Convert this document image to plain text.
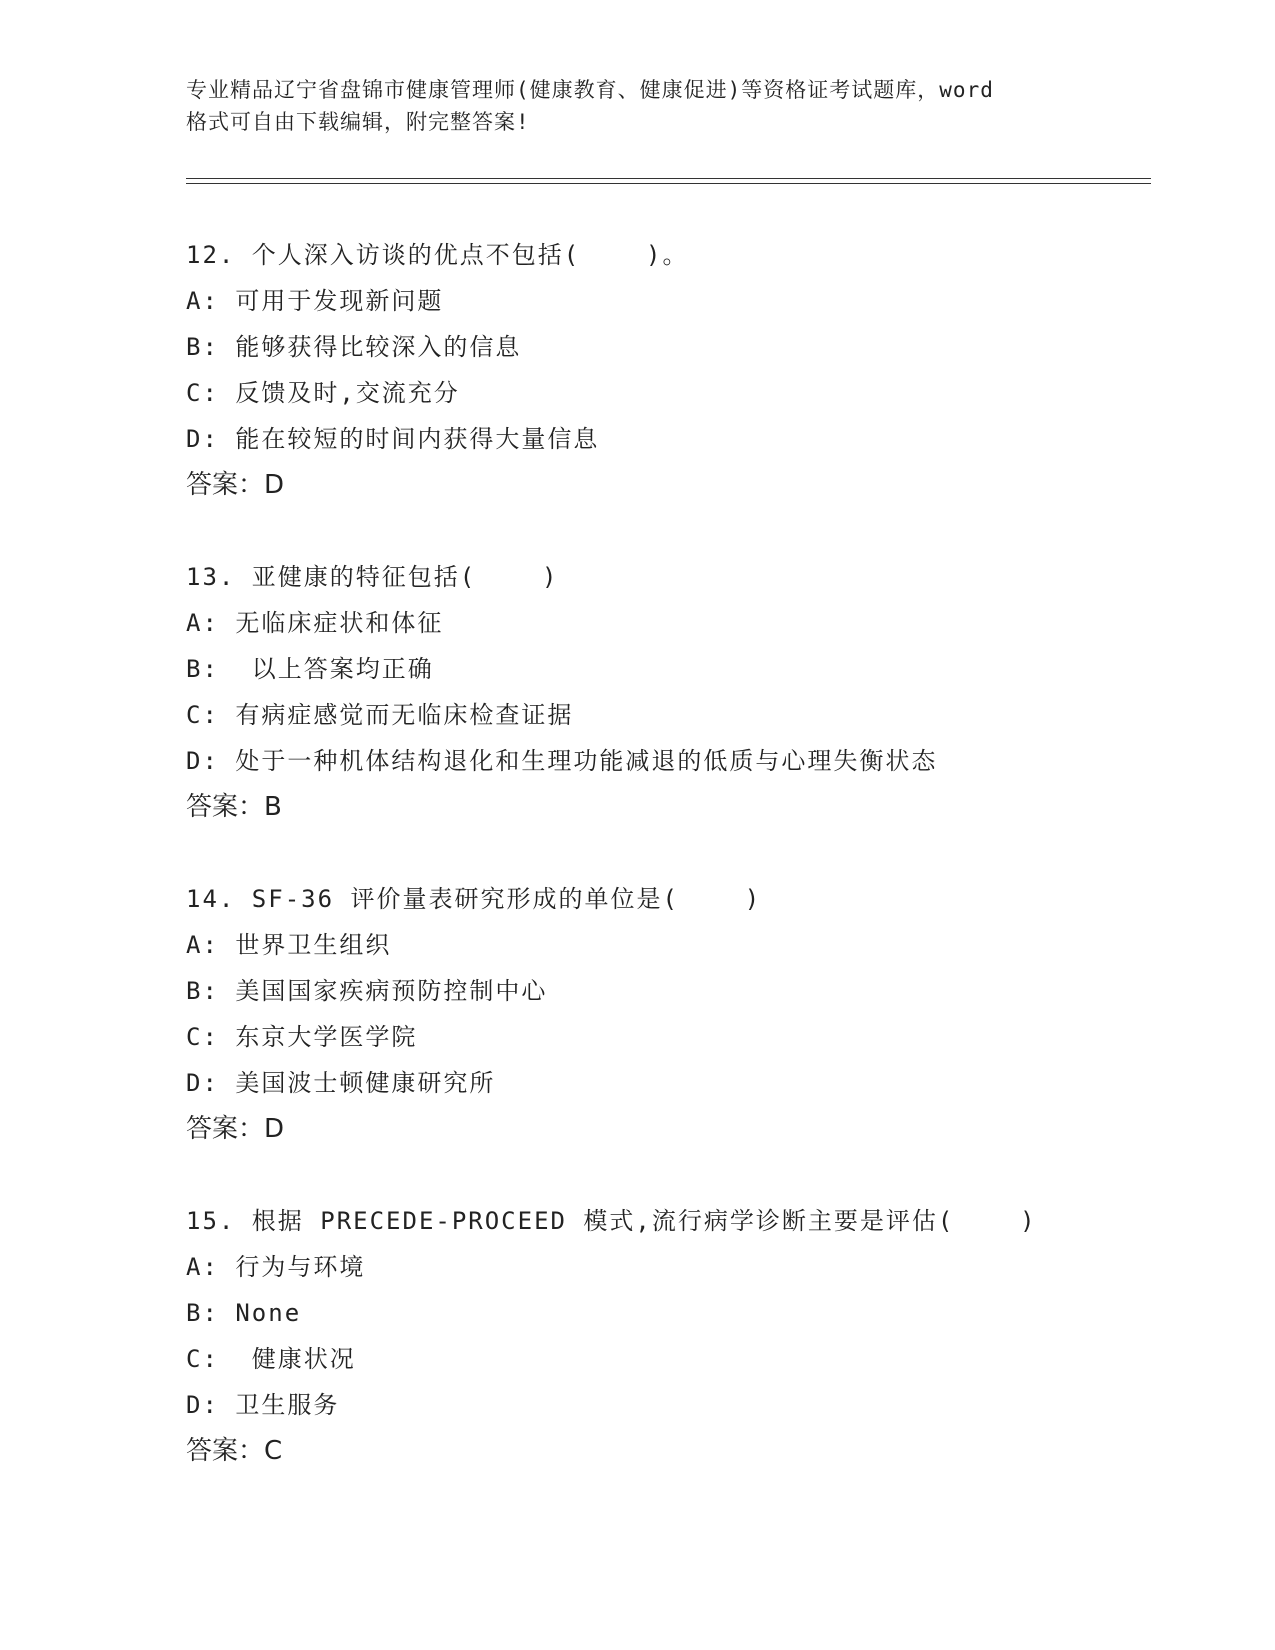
专业精品辽宁省盘锦市健康管理师(健康教育、健康促进)等资格证考试题库，word
格式可自由下载编辑，附完整答案!
12. 个人深入访谈的优点不包括(    )。
A: 可用于发现新问题
B: 能够获得比较深入的信息
C: 反馈及时,交流充分
D: 能在较短的时间内获得大量信息
答案：D
13. 亚健康的特征包括(    )
A: 无临床症状和体征
B:  以上答案均正确
C: 有病症感觉而无临床检查证据
D: 处于一种机体结构退化和生理功能减退的低质与心理失衡状态
答案：B
14. SF-36 评价量表研究形成的单位是(    )
A: 世界卫生组织
B: 美国国家疾病预防控制中心
C: 东京大学医学院
D: 美国波士顿健康研究所
答案：D
15. 根据 PRECEDE-PROCEED 模式,流行病学诊断主要是评估(    )
A: 行为与环境
B: None
C:  健康状况
D: 卫生服务
答案：C
